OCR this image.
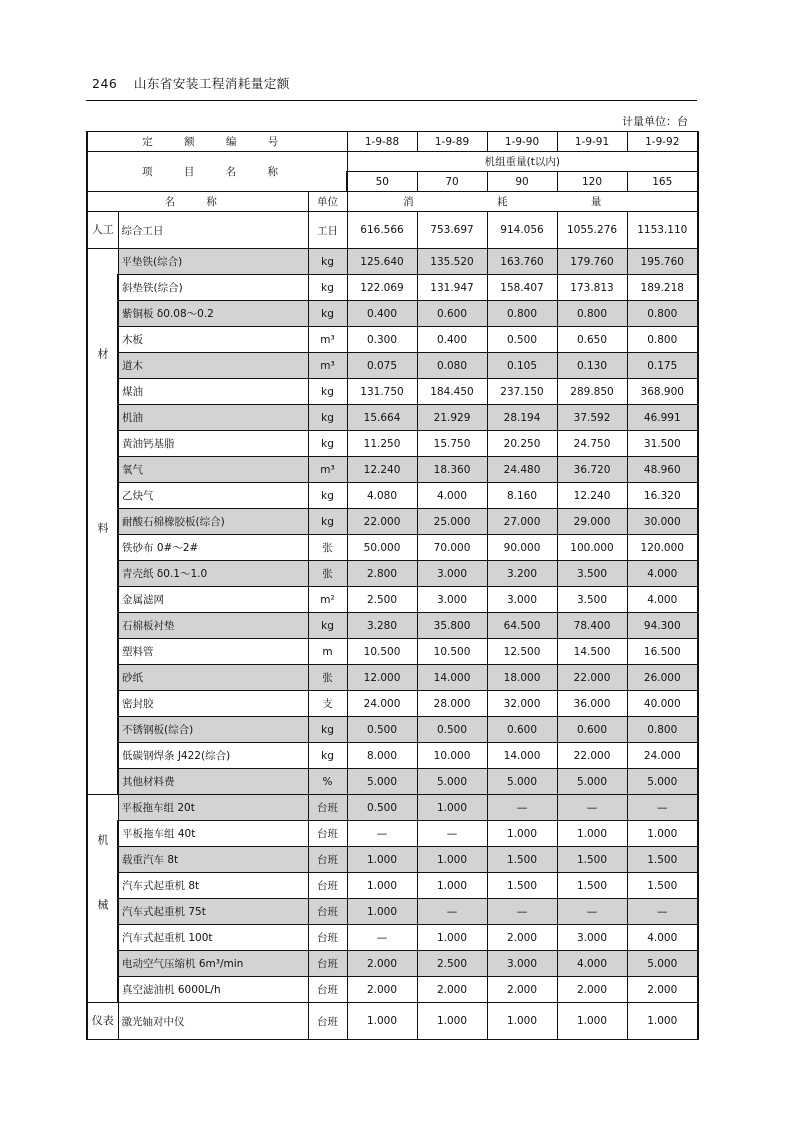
246 山东省安装工程消耗量定额
计量单位：台
定 额 编 号			1-9-88	1-9-89	1-9-90	1-9-91	1-9-92
项 目 名 称			机组重量(t以内)				
			50	70	90	120	165
名 称		单位	消 耗 量				
人工	综合工日	工日	616.566	753.697	914.056	1055.276	1153.110
材料	平垫铁(综合)	kg	125.640	135.520	163.760	179.760	195.760
	斜垫铁(综合)	kg	122.069	131.947	158.407	173.813	189.218
	紫铜板 δ0.08～0.2	kg	0.400	0.600	0.800	0.800	0.800
	木板	m³	0.300	0.400	0.500	0.650	0.800
	道木	m³	0.075	0.080	0.105	0.130	0.175
	煤油	kg	131.750	184.450	237.150	289.850	368.900
	机油	kg	15.664	21.929	28.194	37.592	46.991
	黄油钙基脂	kg	11.250	15.750	20.250	24.750	31.500
	氧气	m³	12.240	18.360	24.480	36.720	48.960
	乙炔气	kg	4.080	4.000	8.160	12.240	16.320
	耐酸石棉橡胶板(综合)	kg	22.000	25.000	27.000	29.000	30.000
	铁砂布 0#～2#	张	50.000	70.000	90.000	100.000	120.000
	青壳纸 δ0.1～1.0	张	2.800	3.000	3.200	3.500	4.000
	金属滤网	m²	2.500	3.000	3.000	3.500	4.000
	石棉板衬垫	kg	3.280	35.800	64.500	78.400	94.300
	塑料管	m	10.500	10.500	12.500	14.500	16.500
	砂纸	张	12.000	14.000	18.000	22.000	26.000
	密封胶	支	24.000	28.000	32.000	36.000	40.000
	不锈钢板(综合)	kg	0.500	0.500	0.600	0.600	0.800
	低碳钢焊条 J422(综合)	kg	8.000	10.000	14.000	22.000	24.000
	其他材料费	%	5.000	5.000	5.000	5.000	5.000
机械	平板拖车组 20t	台班	0.500	1.000	—	—	—
	平板拖车组 40t	台班	—	—	1.000	1.000	1.000
	载重汽车 8t	台班	1.000	1.000	1.500	1.500	1.500
	汽车式起重机 8t	台班	1.000	1.000	1.500	1.500	1.500
	汽车式起重机 75t	台班	1.000	—	—	—	—
	汽车式起重机 100t	台班	—	1.000	2.000	3.000	4.000
	电动空气压缩机 6m³/min	台班	2.000	2.500	3.000	4.000	5.000
	真空滤油机 6000L/h	台班	2.000	2.000	2.000	2.000	2.000
仪表	激光轴对中仪	台班	1.000	1.000	1.000	1.000	1.000
